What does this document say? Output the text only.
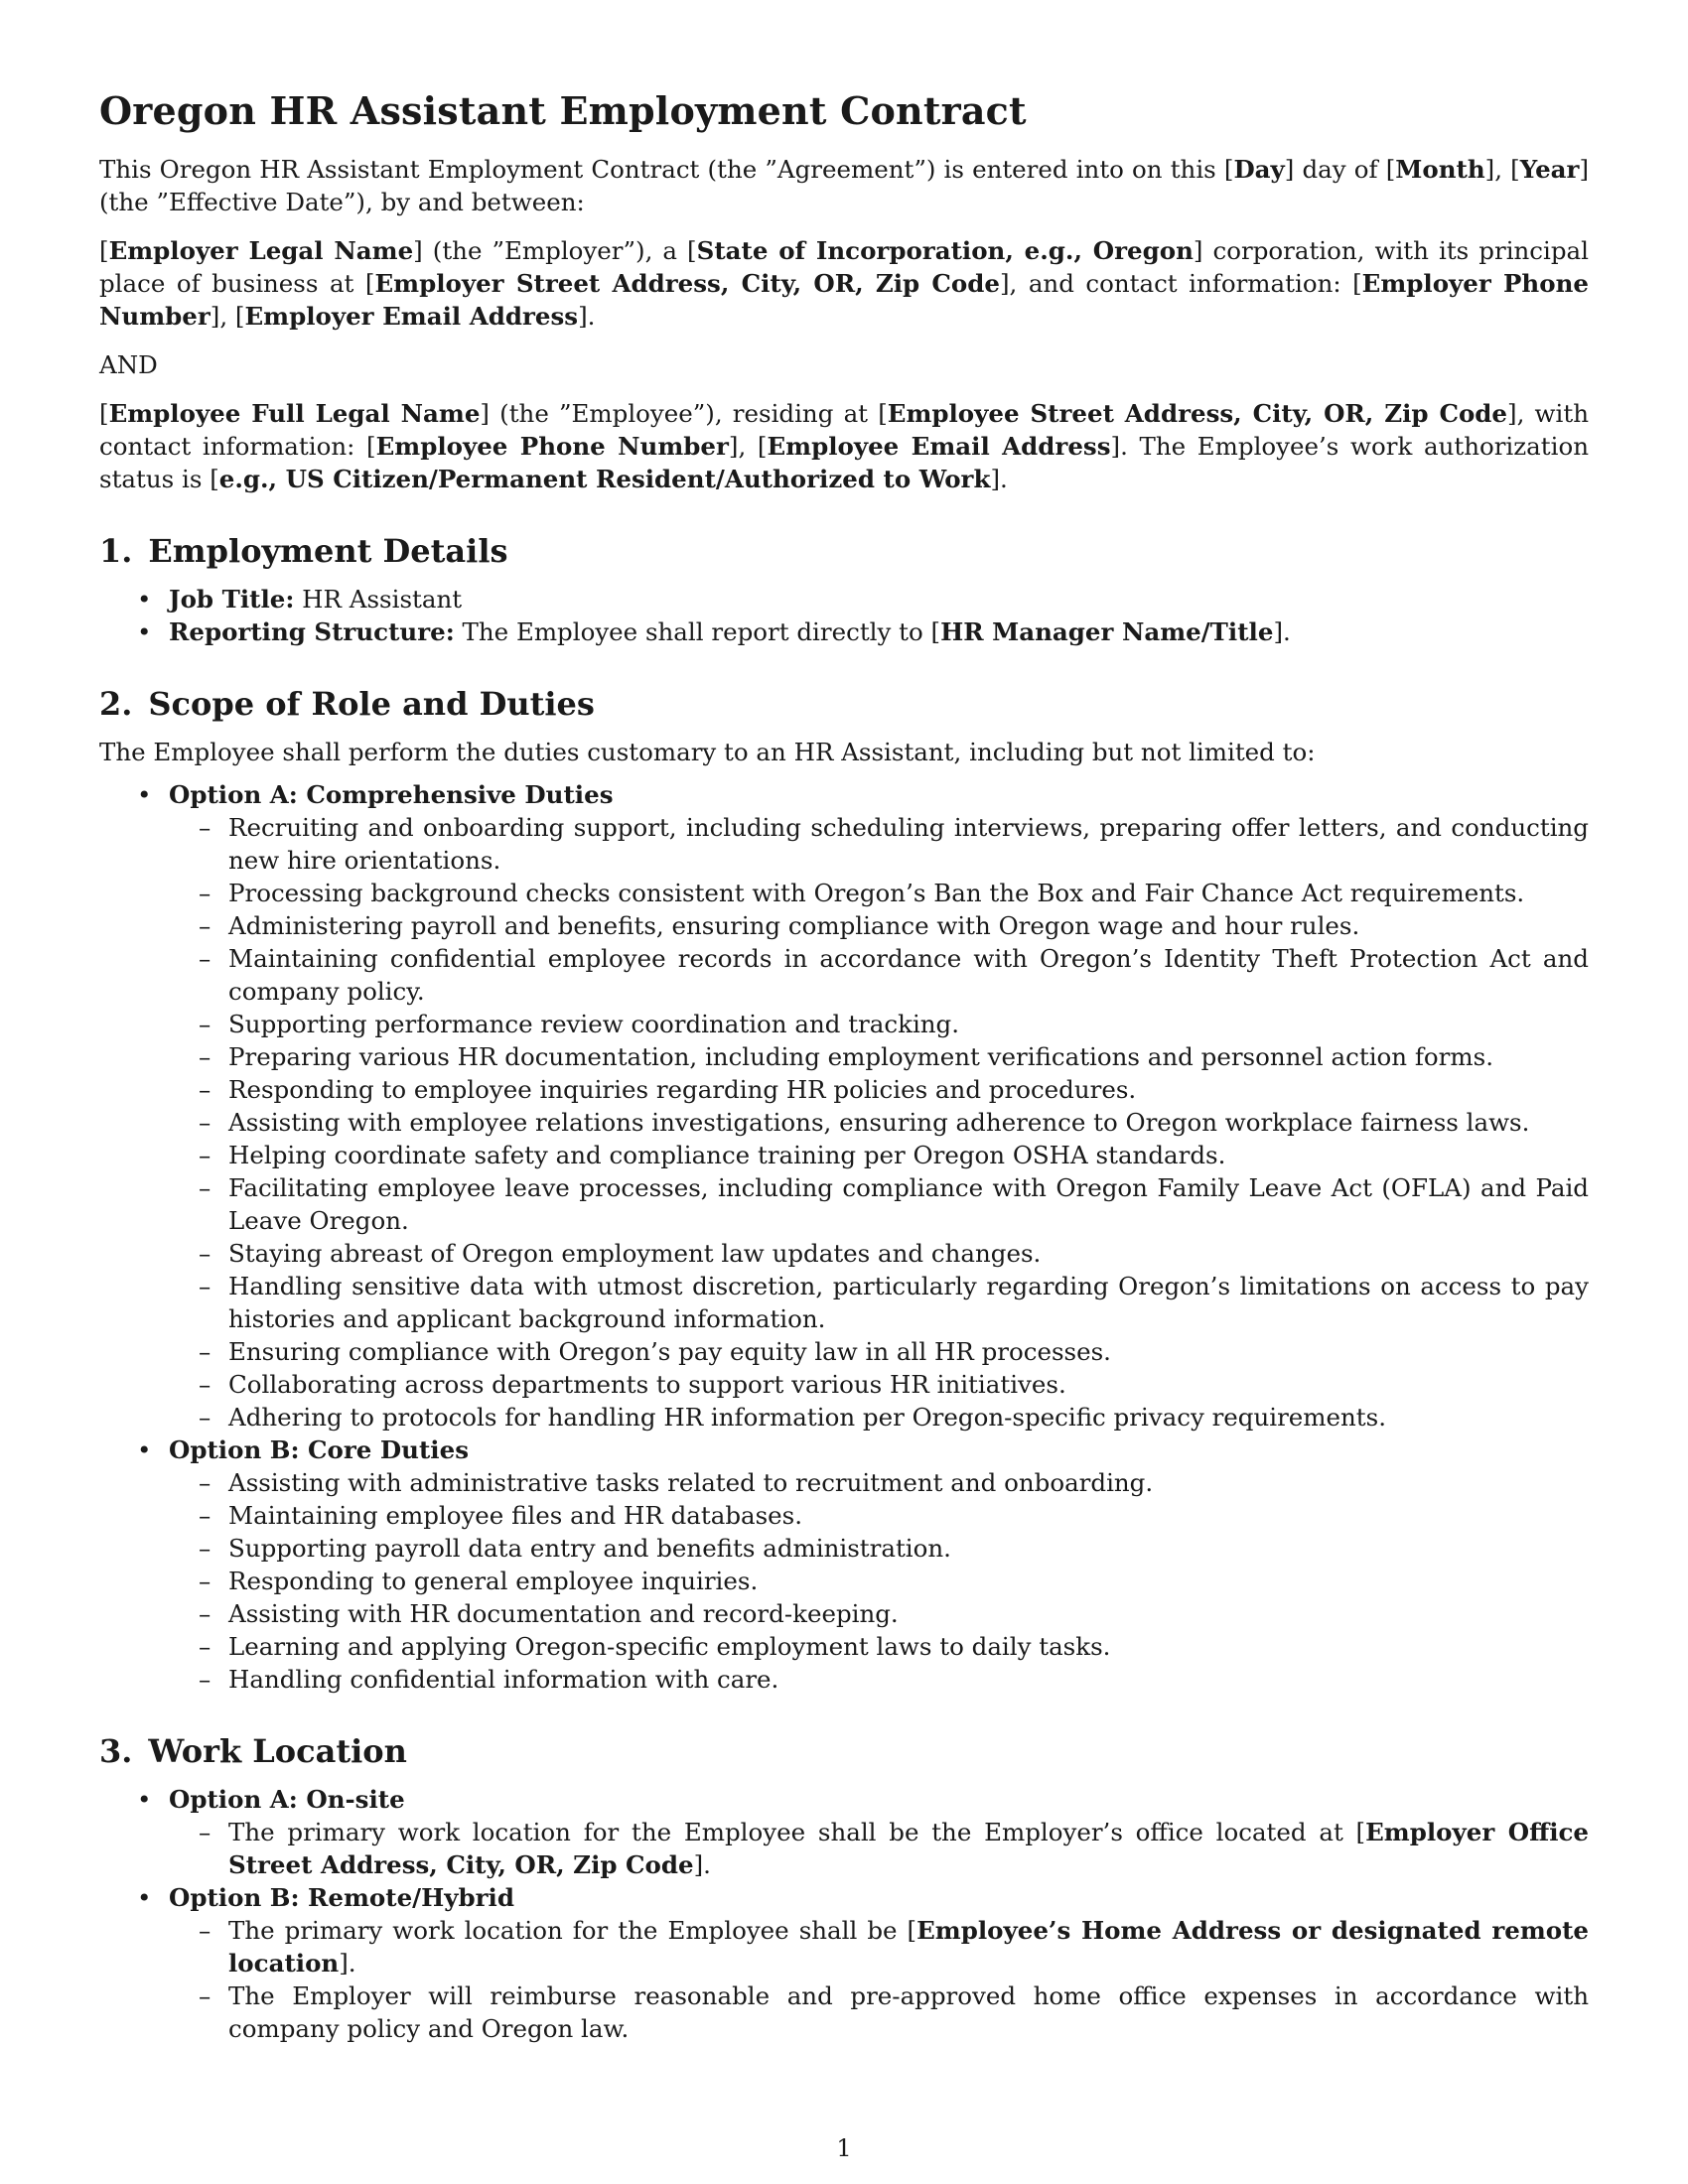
Oregon HR Assistant Employment Contract

This Oregon HR Assistant Employment Contract (the ”Agreement”) is entered into on this [Day] day of [Month], [Year] (the ”Effective Date”), by and between:

[Employer Legal Name] (the ”Employer”), a [State of Incorporation, e.g., Oregon] corporation, with its principal place of business at [Employer Street Address, City, OR, Zip Code], and contact information: [Employer Phone Number], [Employer Email Address].

AND

[Employee Full Legal Name] (the ”Employee”), residing at [Employee Street Address, City, OR, Zip Code], with contact information: [Employee Phone Number], [Employee Email Address]. The Employee’s work authorization status is [e.g., US Citizen/Permanent Resident/Authorized to Work].

1. Employment Details
• Job Title: HR Assistant
• Reporting Structure: The Employee shall report directly to [HR Manager Name/Title].
2. Scope of Role and Duties

The Employee shall perform the duties customary to an HR Assistant, including but not limited to:

• Option A: Comprehensive Duties
– Recruiting and onboarding support, including scheduling interviews, preparing offer letters, and conducting new hire orientations.
– Processing background checks consistent with Oregon’s Ban the Box and Fair Chance Act requirements.
– Administering payroll and benefits, ensuring compliance with Oregon wage and hour rules.
– Maintaining confidential employee records in accordance with Oregon’s Identity Theft Protection Act and company policy.
– Supporting performance review coordination and tracking.
– Preparing various HR documentation, including employment verifications and personnel action forms.
– Responding to employee inquiries regarding HR policies and procedures.
– Assisting with employee relations investigations, ensuring adherence to Oregon workplace fairness laws.
– Helping coordinate safety and compliance training per Oregon OSHA standards.
– Facilitating employee leave processes, including compliance with Oregon Family Leave Act (OFLA) and Paid Leave Oregon.
– Staying abreast of Oregon employment law updates and changes.
– Handling sensitive data with utmost discretion, particularly regarding Oregon’s limitations on access to pay histories and applicant background information.
– Ensuring compliance with Oregon’s pay equity law in all HR processes.
– Collaborating across departments to support various HR initiatives.
– Adhering to protocols for handling HR information per Oregon-specific privacy requirements.
• Option B: Core Duties
– Assisting with administrative tasks related to recruitment and onboarding.
– Maintaining employee files and HR databases.
– Supporting payroll data entry and benefits administration.
– Responding to general employee inquiries.
– Assisting with HR documentation and record-keeping.
– Learning and applying Oregon-specific employment laws to daily tasks.
– Handling confidential information with care.
3. Work Location
• Option A: On-site
– The primary work location for the Employee shall be the Employer’s office located at [Employer Office Street Address, City, OR, Zip Code].
• Option B: Remote/Hybrid
– The primary work location for the Employee shall be [Employee’s Home Address or designated remote location].
– The Employer will reimburse reasonable and pre-approved home office expenses in accordance with company policy and Oregon law.
1
